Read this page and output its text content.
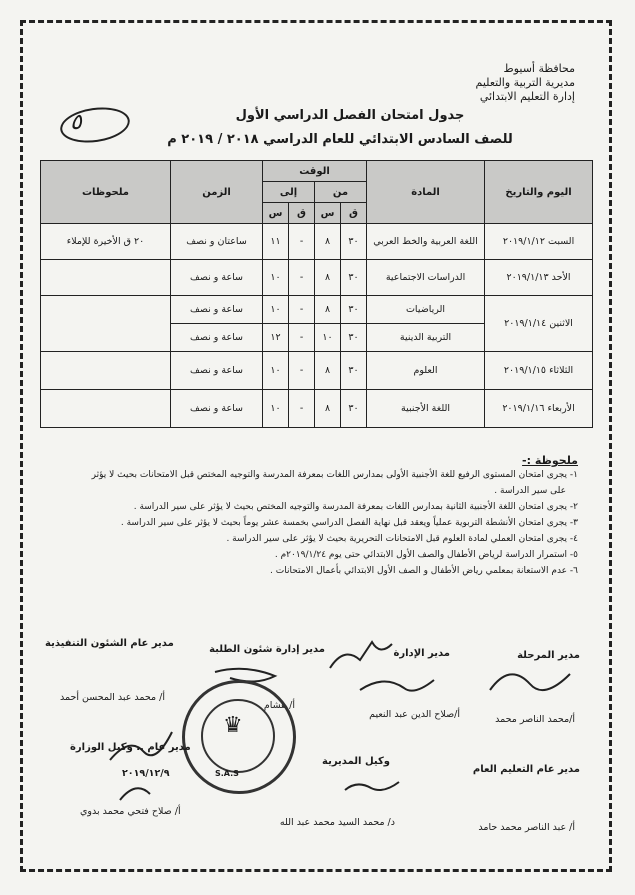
محافظة أسيوط
مديرية التربية والتعليم
إدارة التعليم الابتدائي
٥	جدول امتحان الفصل الدراسي الأول
للصف السادس الابتدائي للعام الدراسي ٢٠١٨ / ٢٠١٩ م
اليوم والتاريخ	المادة	الوقت				الزمن	ملحوظات
		من		إلى			
		ق	س	ق	س		
السبت ٢٠١٩/١/١٢	اللغة العربية والخط العربي	٣٠	٨	-	١١	ساعتان و نصف	٢٠ ق الأخيرة للإملاء
الأحد ٢٠١٩/١/١٣	الدراسات الاجتماعية	٣٠	٨	-	١٠	ساعة و نصف	
الاثنين ٢٠١٩/١/١٤	الرياضيات	٣٠	٨	-	١٠	ساعة و نصف	
	التربية الدينية	٣٠	١٠	-	١٢	ساعة و نصف	
الثلاثاء ٢٠١٩/١/١٥	العلوم	٣٠	٨	-	١٠	ساعة و نصف	
الأربعاء ٢٠١٩/١/١٦	اللغة الأجنبية	٣٠	٨	-	١٠	ساعة و نصف	
ملحوظة :-
١- يجرى امتحان المستوى الرفيع للغة الأجنبية الأولى بمدارس اللغات بمعرفة المدرسة والتوجيه المختص قبل الامتحانات بحيث لا يؤثر
على سير الدراسة .
٢- يجرى امتحان اللغة الأجنبية الثانية بمدارس اللغات بمعرفة المدرسة والتوجيه المختص بحيث لا يؤثر على سير الدراسة .
٣- يجرى امتحان الأنشطة التربوية عملياً ويعقد قبل نهاية الفصل الدراسي بخمسة عشر يوماً بحيث لا يؤثر على سير الدراسة .
٤- يجرى امتحان العملي لمادة العلوم قبل الامتحانات التحريرية بحيث لا يؤثر على سير الدراسة .
٥- استمرار الدراسة لرياض الأطفال والصف الأول الابتدائي حتى يوم ٢٠١٩/١/٢٤م .
٦- عدم الاستعانة بمعلمي رياض الأطفال و الصف الأول الابتدائي بأعمال الامتحانات .
مدير المرحلة
مدير الإدارة
مدير إدارة شئون الطلبة
مدير عام الشئون التنفيذية
أ/محمد الناصر محمد
أ/صلاح الدين عبد النعيم
أ/ هشام
أ/ محمد عبد المحسن أحمد
♛
S.A.S	مدير عام التعليم العام
وكيل المديرية
مدير عام .. وكيل الوزارة
٢٠١٩/١٢/٩
أ/ عبد الناصر محمد حامد
د/ محمد السيد محمد عبد الله
أ/ صلاح فتحي محمد بدوي
